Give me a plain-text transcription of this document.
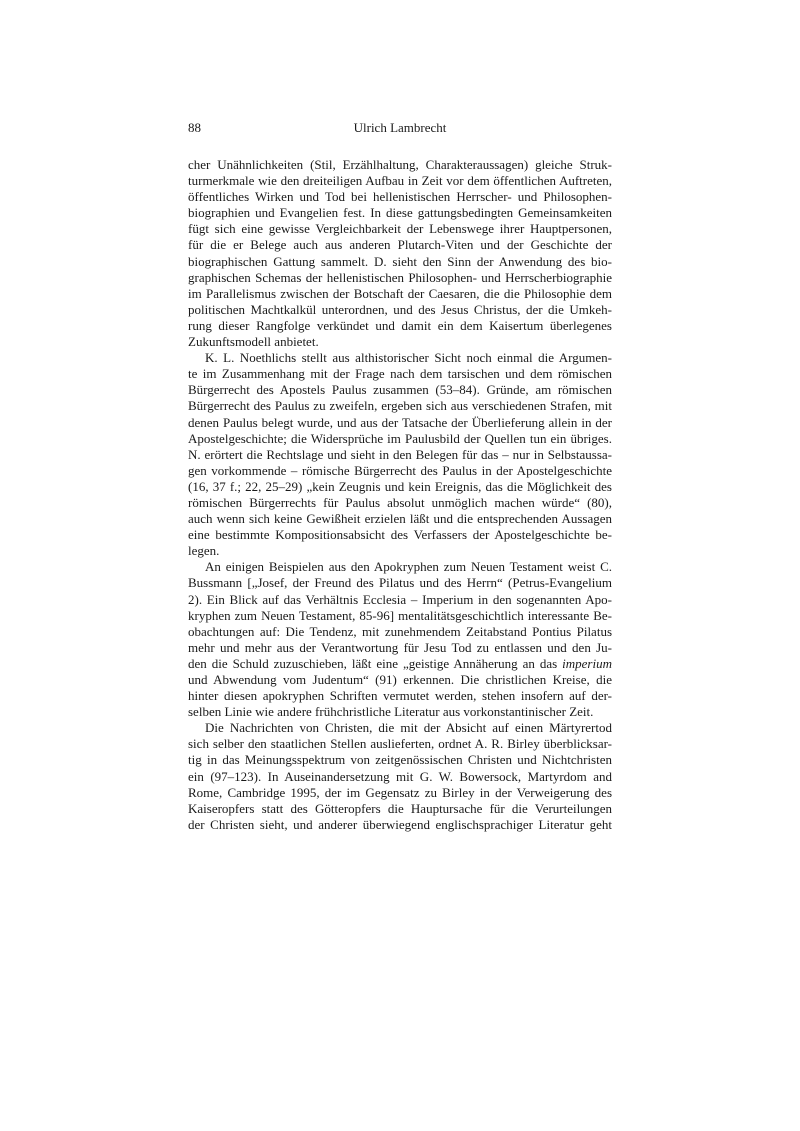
88	Ulrich Lambrecht
cher Unähnlichkeiten (Stil, Erzählhaltung, Charakteraussagen) gleiche Struk-
turmerkmale wie den dreiteiligen Aufbau in Zeit vor dem öffentlichen Auftreten,
öffentliches Wirken und Tod bei hellenistischen Herrscher- und Philosophen-
biographien und Evangelien fest. In diese gattungsbedingten Gemeinsamkeiten
fügt sich eine gewisse Vergleichbarkeit der Lebenswege ihrer Hauptpersonen,
für die er Belege auch aus anderen Plutarch-Viten und der Geschichte der
biographischen Gattung sammelt. D. sieht den Sinn der Anwendung des bio-
graphischen Schemas der hellenistischen Philosophen- und Herrscherbiographie
im Parallelismus zwischen der Botschaft der Caesaren, die die Philosophie dem
politischen Machtkalkül unterordnen, und des Jesus Christus, der die Umkeh-
rung dieser Rangfolge verkündet und damit ein dem Kaisertum überlegenes
Zukunftsmodell anbietet.
K. L. Noethlichs stellt aus althistorischer Sicht noch einmal die Argumen-
te im Zusammenhang mit der Frage nach dem tarsischen und dem römischen
Bürgerrecht des Apostels Paulus zusammen (53–84). Gründe, am römischen
Bürgerrecht des Paulus zu zweifeln, ergeben sich aus verschiedenen Strafen, mit
denen Paulus belegt wurde, und aus der Tatsache der Überlieferung allein in der
Apostelgeschichte; die Widersprüche im Paulusbild der Quellen tun ein übriges.
N. erörtert die Rechtslage und sieht in den Belegen für das – nur in Selbstaussa-
gen vorkommende – römische Bürgerrecht des Paulus in der Apostelgeschichte
(16, 37 f.; 22, 25–29) „kein Zeugnis und kein Ereignis, das die Möglichkeit des
römischen Bürgerrechts für Paulus absolut unmöglich machen würde“ (80),
auch wenn sich keine Gewißheit erzielen läßt und die entsprechenden Aussagen
eine bestimmte Kompositionsabsicht des Verfassers der Apostelgeschichte be-
legen.
An einigen Beispielen aus den Apokryphen zum Neuen Testament weist C.
Bussmann [„Josef, der Freund des Pilatus und des Herrn“ (Petrus-Evangelium
2). Ein Blick auf das Verhältnis Ecclesia – Imperium in den sogenannten Apo-
kryphen zum Neuen Testament, 85-96] mentalitätsgeschichtlich interessante Be-
obachtungen auf: Die Tendenz, mit zunehmendem Zeitabstand Pontius Pilatus
mehr und mehr aus der Verantwortung für Jesu Tod zu entlassen und den Ju-
den die Schuld zuzuschieben, läßt eine „geistige Annäherung an das imperium
und Abwendung vom Judentum“ (91) erkennen. Die christlichen Kreise, die
hinter diesen apokryphen Schriften vermutet werden, stehen insofern auf der-
selben Linie wie andere frühchristliche Literatur aus vorkonstantinischer Zeit.
Die Nachrichten von Christen, die mit der Absicht auf einen Märtyrertod
sich selber den staatlichen Stellen auslieferten, ordnet A. R. Birley überblicksar-
tig in das Meinungsspektrum von zeitgenössischen Christen und Nichtchristen
ein (97–123). In Auseinandersetzung mit G. W. Bowersock, Martyrdom and
Rome, Cambridge 1995, der im Gegensatz zu Birley in der Verweigerung des
Kaiseropfers statt des Götteropfers die Hauptursache für die Verurteilungen
der Christen sieht, und anderer überwiegend englischsprachiger Literatur geht
